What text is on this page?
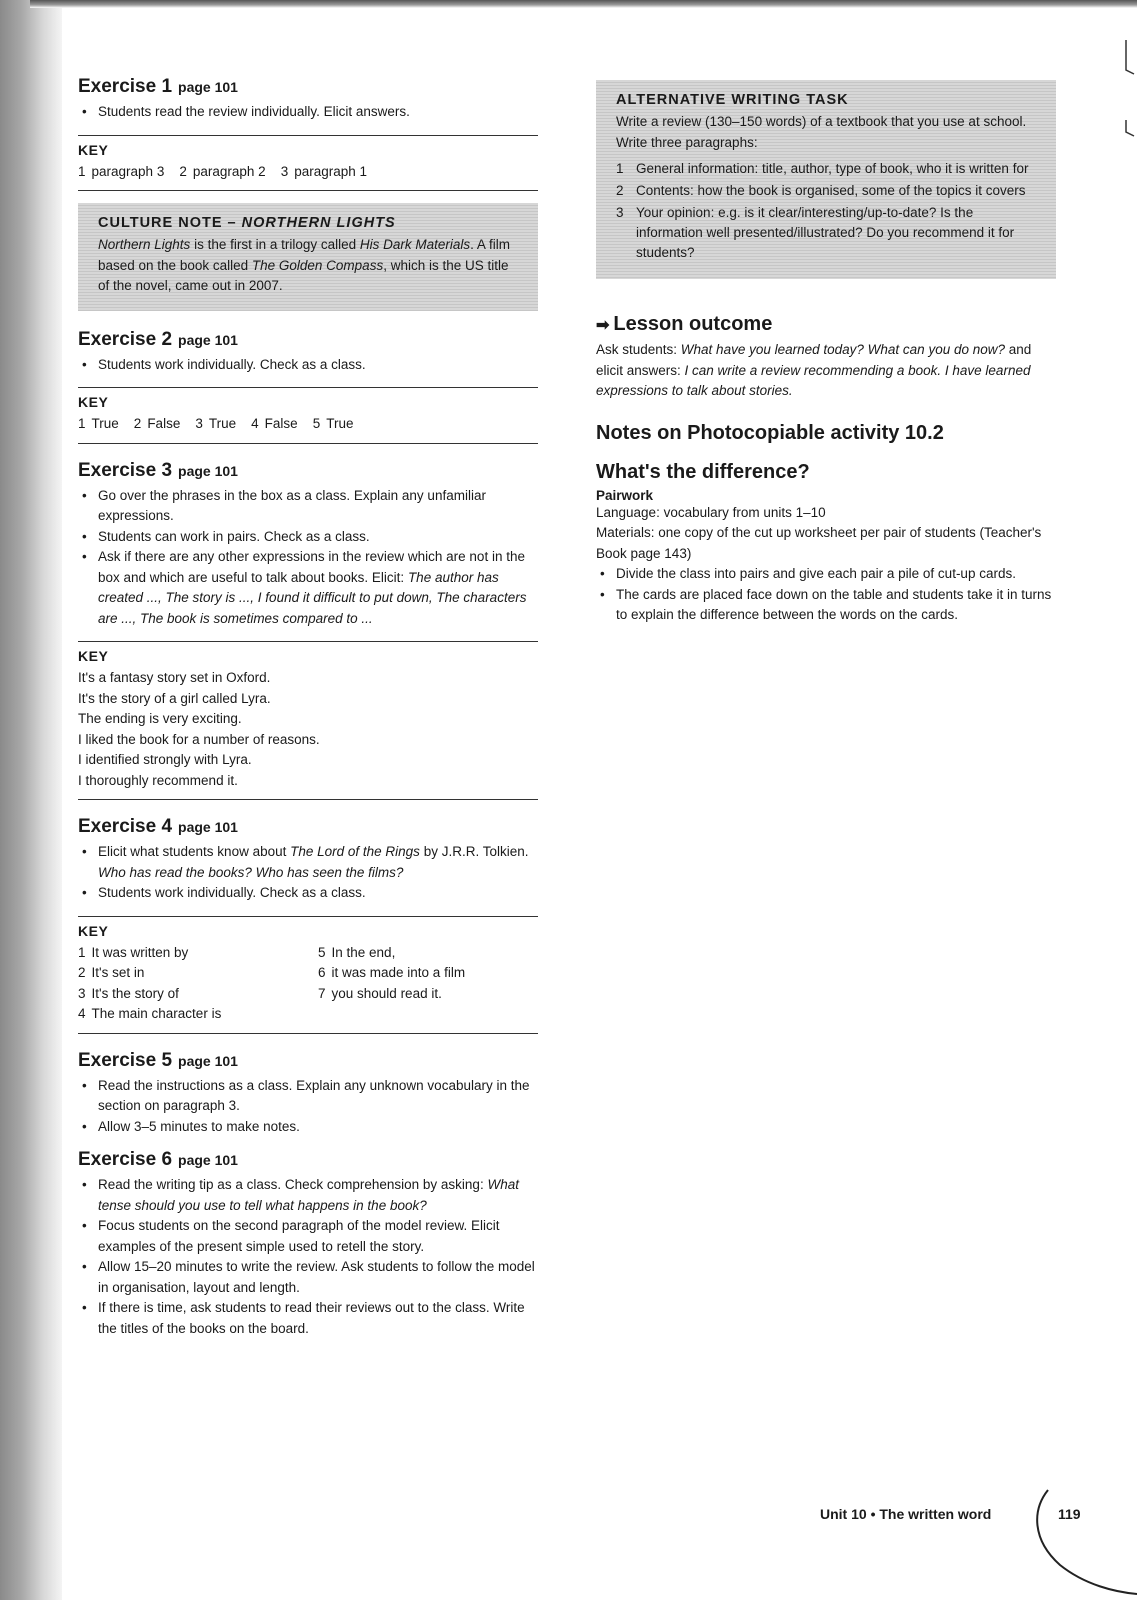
Exercise 1 page 101
• Students read the review individually. Elicit answers.
KEY
1 paragraph 3 2 paragraph 2 3 paragraph 1
CULTURE NOTE – NORTHERN LIGHTS

Northern Lights is the first in a trilogy called His Dark Materials. A film based on the book called The Golden Compass, which is the US title of the novel, came out in 2007.

Exercise 2 page 101
• Students work individually. Check as a class.
KEY
1 True 2 False 3 True 4 False 5 True
Exercise 3 page 101
• Go over the phrases in the box as a class. Explain any unfamiliar expressions.
• Students can work in pairs. Check as a class.
• Ask if there are any other expressions in the review which are not in the box and which are useful to talk about books. Elicit: The author has created ..., The story is ..., I found it difficult to put down, The characters are ..., The book is sometimes compared to ...
KEY
It's a fantasy story set in Oxford.
It's the story of a girl called Lyra.
The ending is very exciting.
I liked the book for a number of reasons.
I identified strongly with Lyra.
I thoroughly recommend it.
Exercise 4 page 101
• Elicit what students know about The Lord of the Rings by J.R.R. Tolkien. Who has read the books? Who has seen the films?
• Students work individually. Check as a class.
KEY
1 It was written by	5 In the end,
2 It's set in	6 it was made into a film
3 It's the story of	7 you should read it.
4 The main character is
Exercise 5 page 101
• Read the instructions as a class. Explain any unknown vocabulary in the section on paragraph 3.
• Allow 3–5 minutes to make notes.
Exercise 6 page 101
• Read the writing tip as a class. Check comprehension by asking: What tense should you use to tell what happens in the book?
• Focus students on the second paragraph of the model review. Elicit examples of the present simple used to retell the story.
• Allow 15–20 minutes to write the review. Ask students to follow the model in organisation, layout and length.
• If there is time, ask students to read their reviews out to the class. Write the titles of the books on the board.
ALTERNATIVE WRITING TASK

Write a review (130–150 words) of a textbook that you use at school. Write three paragraphs:

1 General information: title, author, type of book, who it is written for
2 Contents: how the book is organised, some of the topics it covers
3 Your opinion: e.g. is it clear/interesting/up-to-date? Is the information well presented/illustrated? Do you recommend it for students?
➡ Lesson outcome

Ask students: What have you learned today? What can you do now? and elicit answers: I can write a review recommending a book. I have learned expressions to talk about stories.

Notes on Photocopiable activity 10.2
What's the difference?
Pairwork

Language: vocabulary from units 1–10

Materials: one copy of the cut up worksheet per pair of students (Teacher's Book page 143)

• Divide the class into pairs and give each pair a pile of cut-up cards.
• The cards are placed face down on the table and students take it in turns to explain the difference between the words on the cards.
Unit 10 • The written word	119
